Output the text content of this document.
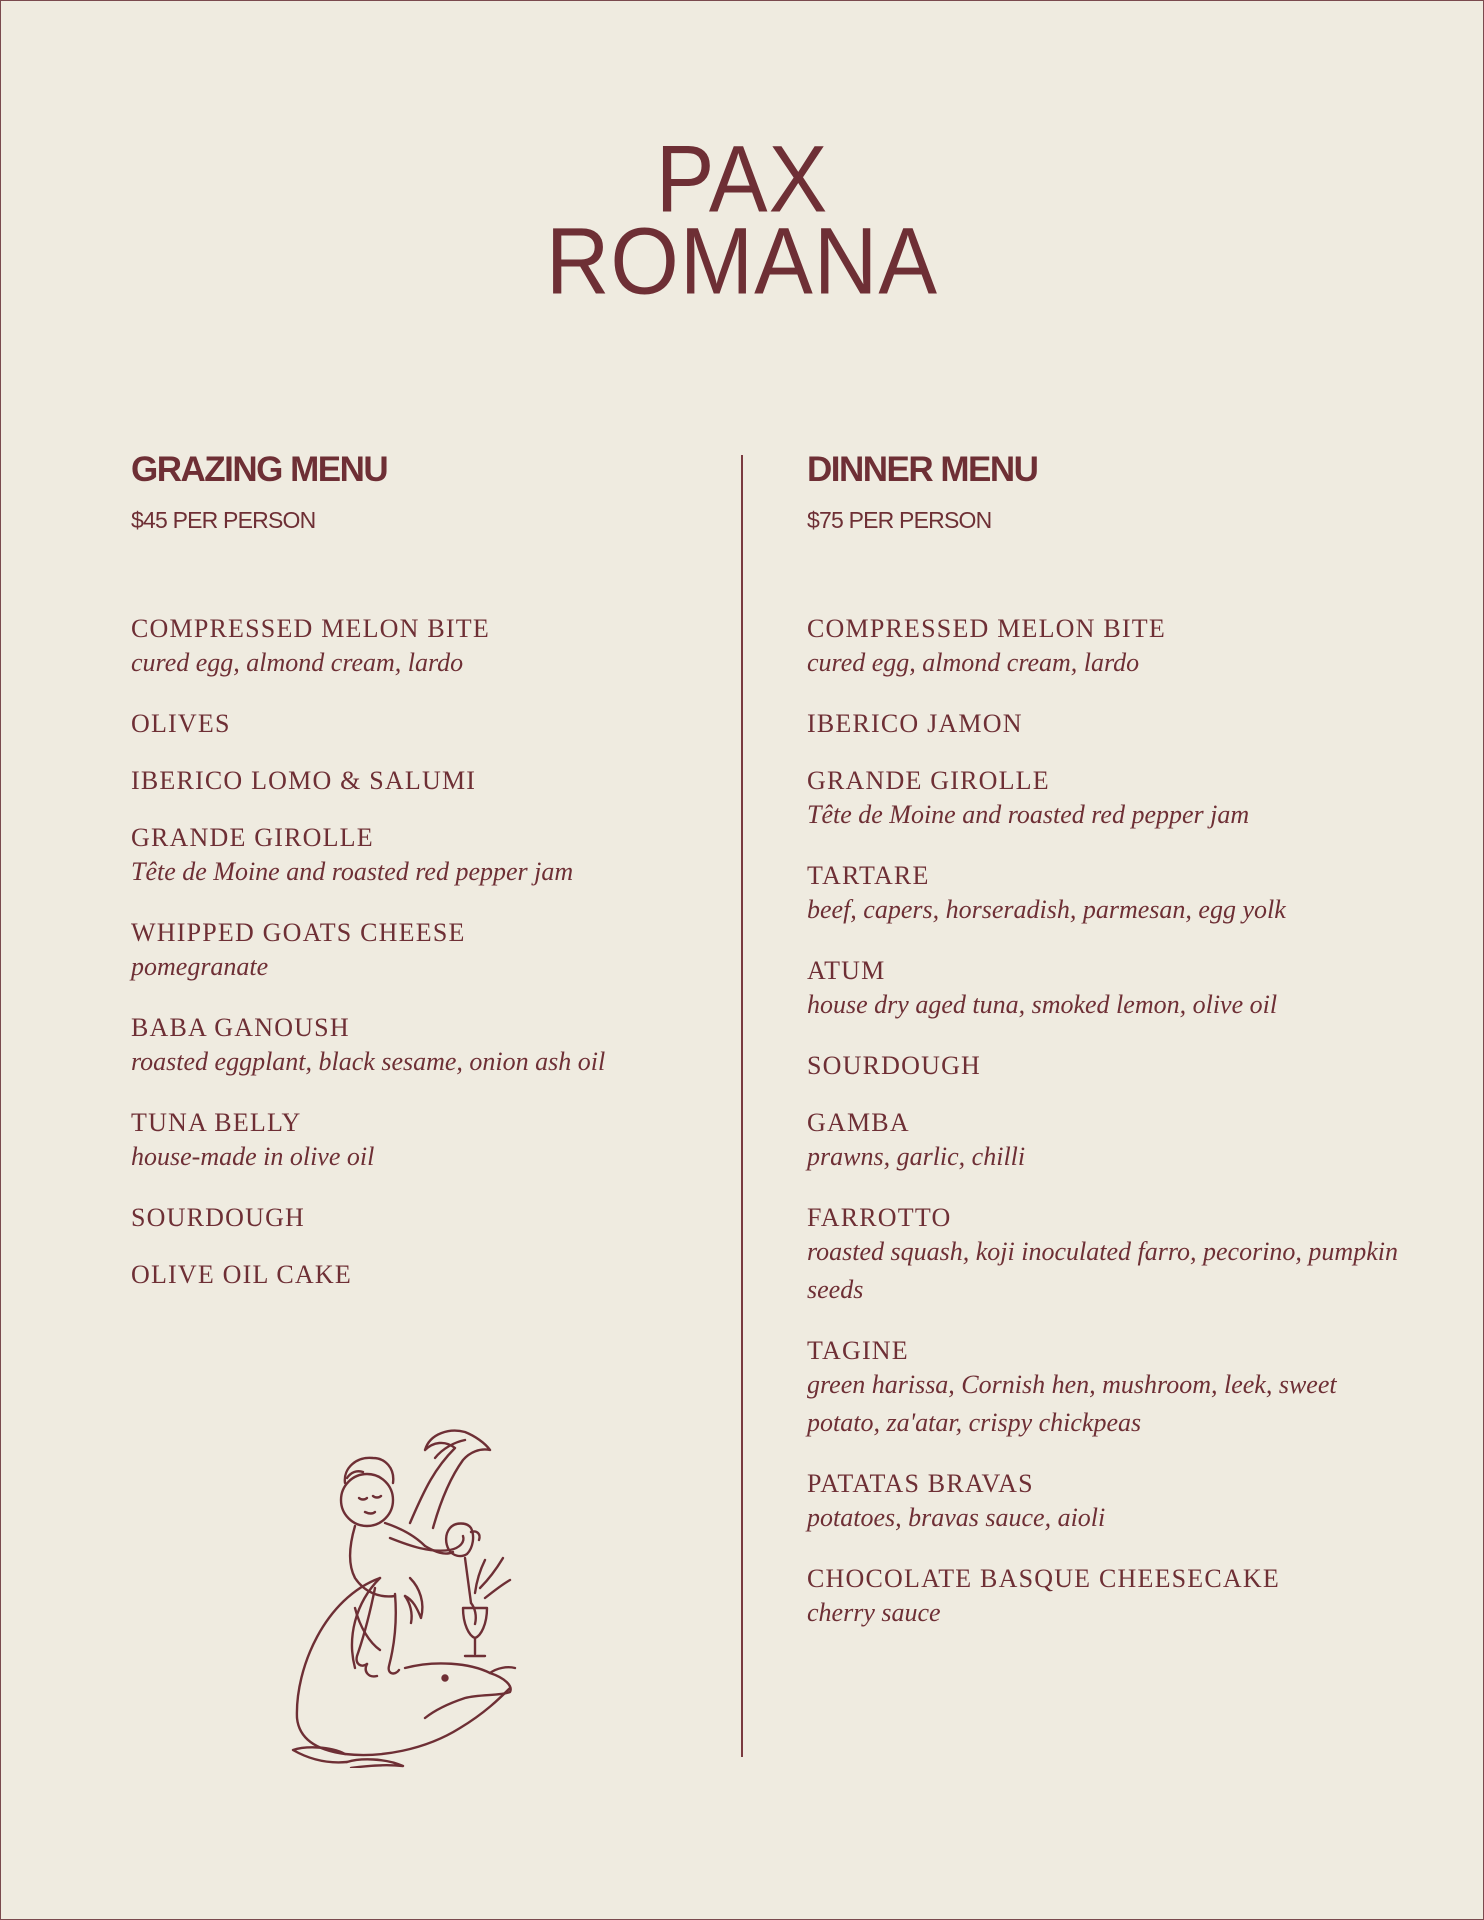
PAX
ROMANA
GRAZING MENU
$45 PER PERSON
COMPRESSED MELON BITE
cured egg, almond cream, lardo
OLIVES
IBERICO LOMO & SALUMI
GRANDE GIROLLE
Tête de Moine and roasted red pepper jam
WHIPPED GOATS CHEESE
pomegranate
BABA GANOUSH
roasted eggplant, black sesame, onion ash oil
TUNA BELLY
house-made in olive oil
SOURDOUGH
OLIVE OIL CAKE
DINNER MENU
$75 PER PERSON
COMPRESSED MELON BITE
cured egg, almond cream, lardo
IBERICO JAMON
GRANDE GIROLLE
Tête de Moine and roasted red pepper jam
TARTARE
beef, capers, horseradish, parmesan, egg yolk
ATUM
house dry aged tuna, smoked lemon, olive oil
SOURDOUGH
GAMBA
prawns, garlic, chilli
FARROTTO
roasted squash, koji inoculated farro, pecorino, pumpkin seeds
TAGINE
green harissa, Cornish hen, mushroom, leek, sweet potato, za'atar, crispy chickpeas
PATATAS BRAVAS
potatoes, bravas sauce, aioli
CHOCOLATE BASQUE CHEESECAKE
cherry sauce
